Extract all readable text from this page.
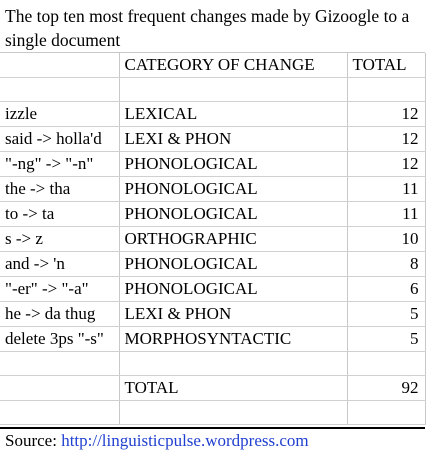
The top ten most frequent changes made by Gizoogle to a single document
	CATEGORY OF CHANGE	TOTAL

izzle	LEXICAL	12
said -> holla'd	LEXI & PHON	12
"-ng" -> "-n"	PHONOLOGICAL	12
the -> tha	PHONOLOGICAL	11
to -> ta	PHONOLOGICAL	11
s -> z	ORTHOGRAPHIC	10
and -> 'n	PHONOLOGICAL	8
"-er" -> "-a"	PHONOLOGICAL	6
he -> da thug	LEXI & PHON	5
delete 3ps "-s"	MORPHOSYNTACTIC	5

	TOTAL	92

Source: http://linguisticpulse.wordpress.com
